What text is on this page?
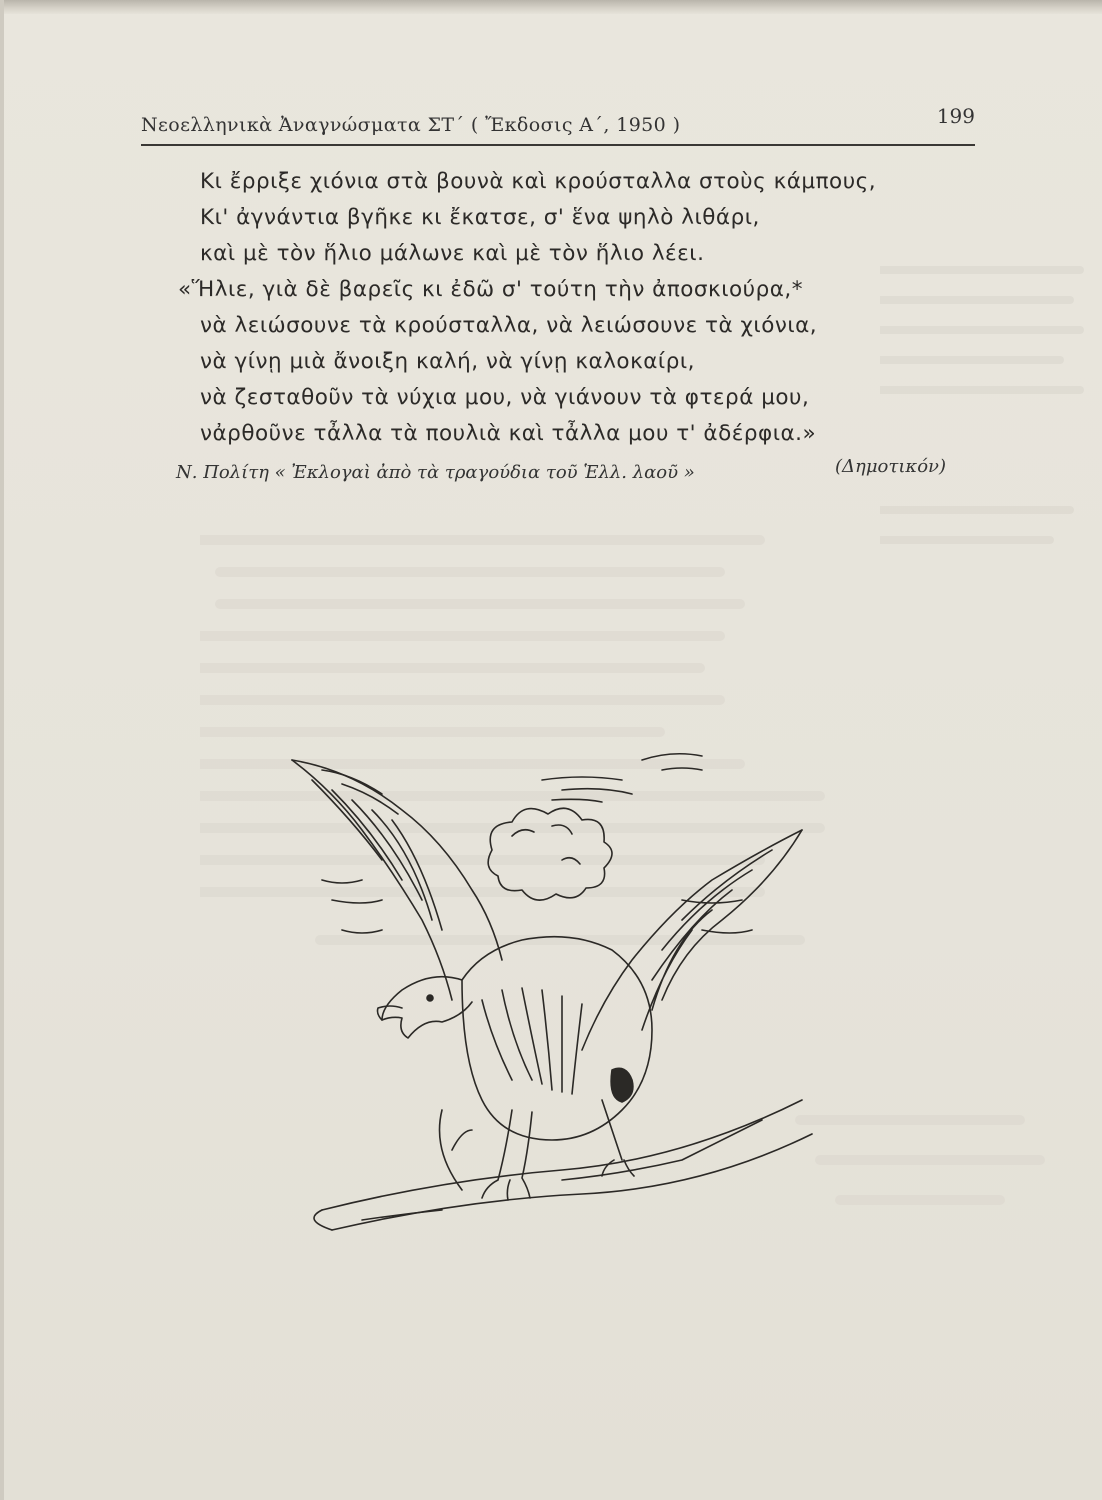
Νεοελληνικὰ Ἀναγνώσματα ΣΤ´ ( Ἔκδοσις Α´, 1950 )	199
Κι ἔρριξε χιόνια στὰ βουνὰ καὶ κρούσταλλα στοὺς κάμπους,
Κι' ἀγνάντια βγῆκε κι ἔκατσε, σ' ἕνα ψηλὸ λιθάρι,
καὶ μὲ τὸν ἥλιο μάλωνε καὶ μὲ τὸν ἥλιο λέει.
«Ἥλιε, γιὰ δὲ βαρεῖς κι ἐδῶ σ' τούτη τὴν ἀποσκιούρα,*
νὰ λειώσουνε τὰ κρούσταλλα, νὰ λειώσουνε τὰ χιόνια,
νὰ γίνῃ μιὰ ἄνοιξη καλή, νὰ γίνῃ καλοκαίρι,
νὰ ζεσταθοῦν τὰ νύχια μου, νὰ γιάνουν τὰ φτερά μου,
νἀρθοῦνε τἆλλα τὰ πουλιὰ καὶ τἆλλα μου τ' ἀδέρφια.»
Ν. Πολίτη « Ἐκλογαὶ ἀπὸ τὰ τραγούδια τοῦ Ἑλλ. λαοῦ »	(Δημοτικόν)
